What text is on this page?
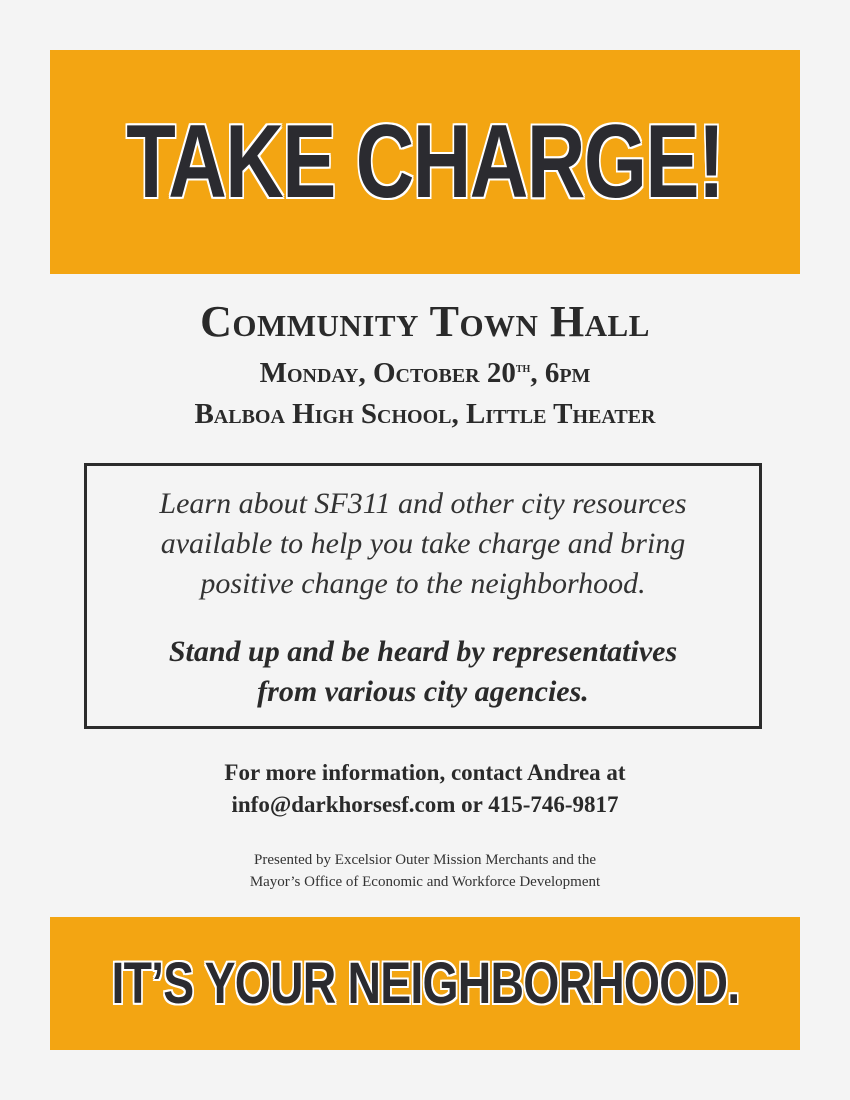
TAKE CHARGE!
Community Town Hall
Monday, October 20th, 6pm
Balboa High School, Little Theater
Learn about SF311 and other city resources
available to help you take charge and bring
positive change to the neighborhood.
Stand up and be heard by representatives
from various city agencies.
For more information, contact Andrea at
info@darkhorsesf.com or 415-746-9817
Presented by Excelsior Outer Mission Merchants and the
Mayor’s Office of Economic and Workforce Development
IT’S YOUR NEIGHBORHOOD.
